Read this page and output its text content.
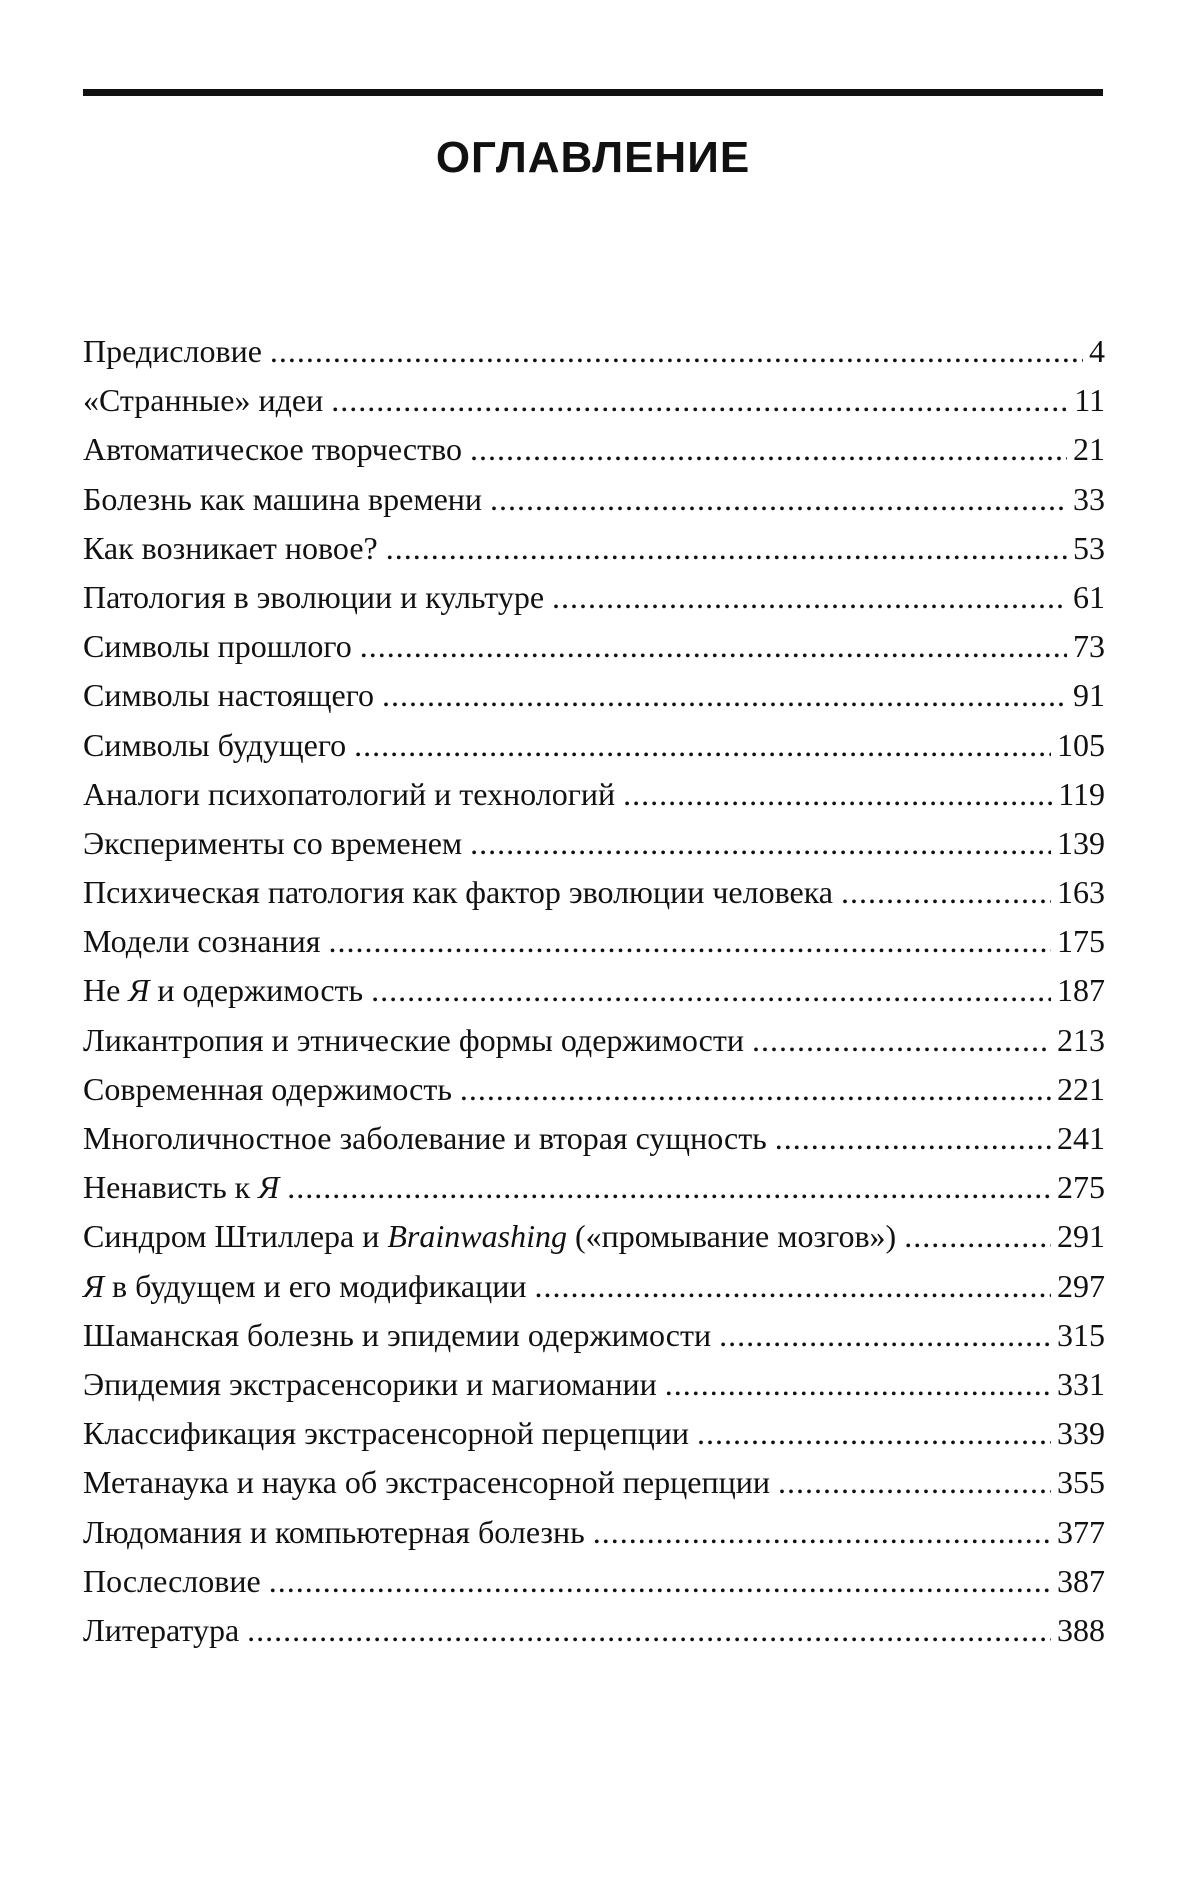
ОГЛАВЛЕНИЕ
Предисловие .....	4
«Странные» идеи .....	11
Автоматическое творчество .....	21
Болезнь как машина времени .....	33
Как возникает новое? .....	53
Патология в эволюции и культуре .....	61
Символы прошлого .....	73
Символы настоящего .....	91
Символы будущего .....	105
Аналоги психопатологий и технологий .....	119
Эксперименты со временем .....	139
Психическая патология как фактор эволюции человека .....	163
Модели сознания .....	175
Не Я и одержимость .....	187
Ликантропия и этнические формы одержимости .....	213
Современная одержимость .....	221
Многоличностное заболевание и вторая сущность .....	241
Ненависть к Я .....	275
Синдром Штиллера и Brainwashing («промывание мозгов») .....	291
Я в будущем и его модификации .....	297
Шаманская болезнь и эпидемии одержимости .....	315
Эпидемия экстрасенсорики и магиомании .....	331
Классификация экстрасенсорной перцепции .....	339
Метанаука и наука об экстрасенсорной перцепции .....	355
Людомания и компьютерная болезнь .....	377
Послесловие .....	387
Литература .....	388
